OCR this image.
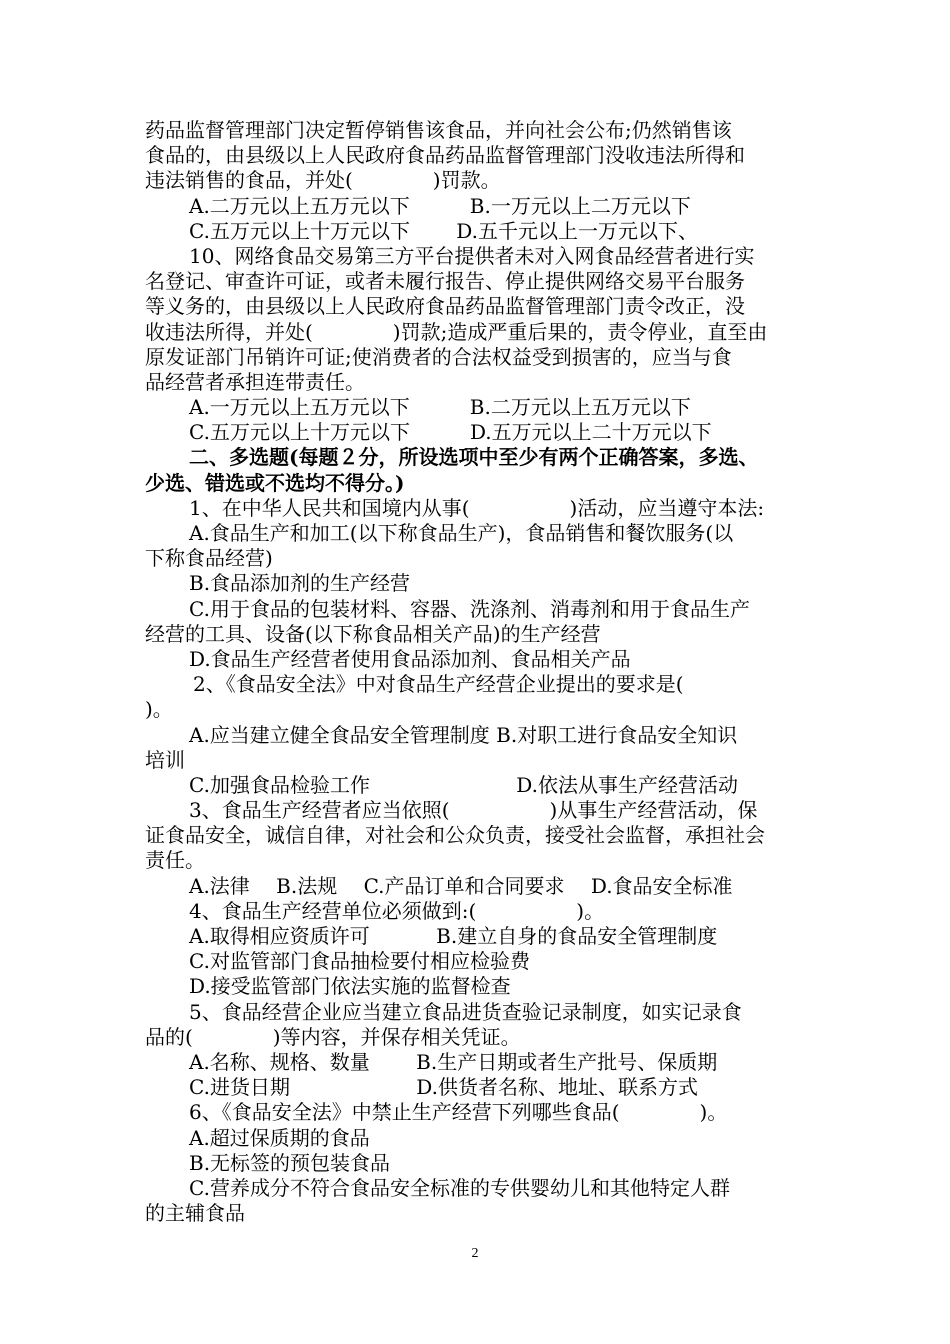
药品监督管理部门决定暂停销售该食品，并向社会公布;仍然销售该
食品的，由县级以上人民政府食品药品监督管理部门没收违法所得和
违法销售的食品，并处(　　　　)罚款。
A.二万元以上五万元以下　　　B.一万元以上二万元以下
C.五万元以上十万元以下　　 D.五千元以上一万元以下、
10、网络食品交易第三方平台提供者未对入网食品经营者进行实
名登记、审查许可证，或者未履行报告、停止提供网络交易平台服务
等义务的，由县级以上人民政府食品药品监督管理部门责令改正，没
收违法所得，并处(　　　　)罚款;造成严重后果的，责令停业，直至由
原发证部门吊销许可证;使消费者的合法权益受到损害的，应当与食
品经营者承担连带责任。
A.一万元以上五万元以下　　　B.二万元以上五万元以下
C.五万元以上十万元以下　　　D.五万元以上二十万元以下
二、多选题(每题２分，所设选项中至少有两个正确答案，多选、
少选、错选或不选均不得分。)
1、在中华人民共和国境内从事(　　　　　)活动，应当遵守本法:
A.食品生产和加工(以下称食品生产)，食品销售和餐饮服务(以
下称食品经营)
B.食品添加剂的生产经营
C.用于食品的包装材料、容器、洗涤剂、消毒剂和用于食品生产
经营的工具、设备(以下称食品相关产品)的生产经营
D.食品生产经营者使用食品添加剂、食品相关产品
2、《食品安全法》中对食品生产经营企业提出的要求是(
)。
A.应当建立健全食品安全管理制度 B.对职工进行食品安全知识
培训
C.加强食品检验工作　　　　　　　 D.依法从事生产经营活动
3、食品生产经营者应当依照(　　　　　)从事生产经营活动，保
证食品安全，诚信自律，对社会和公众负责，接受社会监督，承担社会
责任。
A.法律　 B.法规　 C.产品订单和合同要求　 D.食品安全标准
4、食品生产经营单位必须做到:(　　　　　)。
A.取得相应资质许可　　　 B.建立自身的食品安全管理制度
C.对监管部门食品抽检要付相应检验费
D.接受监管部门依法实施的监督检查
5、食品经营企业应当建立食品进货查验记录制度，如实记录食
品的(　　　　)等内容，并保存相关凭证。
A.名称、规格、数量　　 B.生产日期或者生产批号、保质期
C.进货日期　　　　　　 D.供货者名称、地址、联系方式
6、《食品安全法》中禁止生产经营下列哪些食品(　　　　)。
A.超过保质期的食品
B.无标签的预包装食品
C.营养成分不符合食品安全标准的专供婴幼儿和其他特定人群
的主辅食品
2
